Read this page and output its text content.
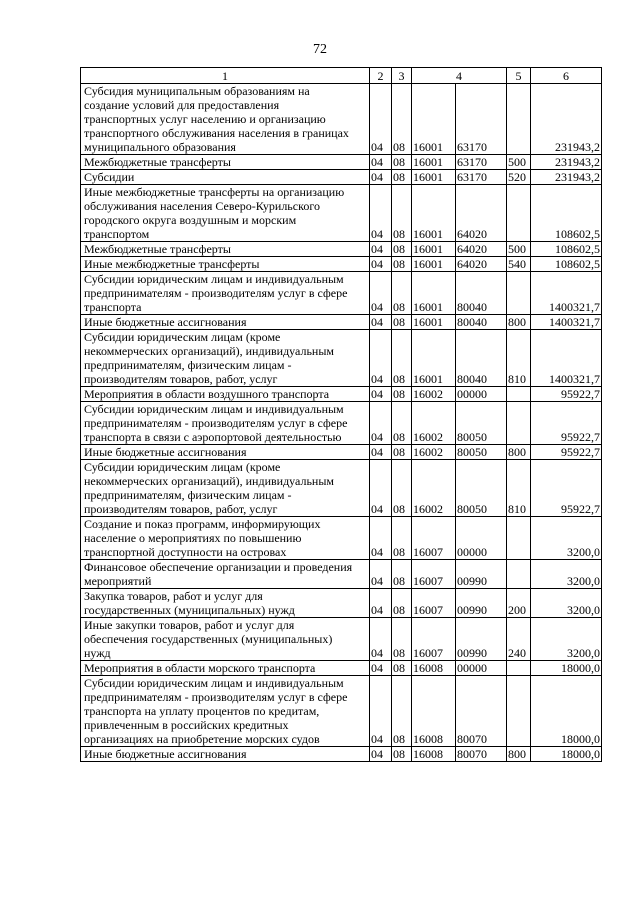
72
1	2	3	4		5	6

Субсидия муниципальным образованиям на
создание условий для предоставления
транспортных услуг населению и организацию
транспортного обслуживания населения в границах
муниципального образования	04	08	16001	63170		231943,2

Межбюджетные трансферты	04	08	16001	63170	500	231943,2

Субсидии	04	08	16001	63170	520	231943,2

Иные межбюджетные трансферты на организацию
обслуживания населения Северо-Курильского
городского округа воздушным и морским
транспортом	04	08	16001	64020		108602,5

Межбюджетные трансферты	04	08	16001	64020	500	108602,5

Иные межбюджетные трансферты	04	08	16001	64020	540	108602,5

Субсидии юридическим лицам и индивидуальным
предпринимателям - производителям услуг в сфере
транспорта	04	08	16001	80040		1400321,7

Иные бюджетные ассигнования	04	08	16001	80040	800	1400321,7

Субсидии юридическим лицам (кроме
некоммерческих организаций), индивидуальным
предпринимателям, физическим лицам -
производителям товаров, работ, услуг	04	08	16001	80040	810	1400321,7

Мероприятия в области воздушного транспорта	04	08	16002	00000		95922,7

Субсидии юридическим лицам и индивидуальным
предпринимателям - производителям услуг в сфере
транспорта в связи с аэропортовой деятельностью	04	08	16002	80050		95922,7

Иные бюджетные ассигнования	04	08	16002	80050	800	95922,7

Субсидии юридическим лицам (кроме
некоммерческих организаций), индивидуальным
предпринимателям, физическим лицам -
производителям товаров, работ, услуг	04	08	16002	80050	810	95922,7

Создание и показ программ, информирующих
население о мероприятиях по повышению
транспортной доступности на островах	04	08	16007	00000		3200,0

Финансовое обеспечение организации и проведения
мероприятий	04	08	16007	00990		3200,0

Закупка товаров, работ и услуг для
государственных (муниципальных) нужд	04	08	16007	00990	200	3200,0

Иные закупки товаров, работ и услуг для
обеспечения государственных (муниципальных)
нужд	04	08	16007	00990	240	3200,0

Мероприятия в области морского транспорта	04	08	16008	00000		18000,0

Субсидии юридическим лицам и индивидуальным
предпринимателям - производителям услуг в сфере
транспорта на уплату процентов по кредитам,
привлеченным в российских кредитных
организациях на приобретение морских судов	04	08	16008	80070		18000,0

Иные бюджетные ассигнования	04	08	16008	80070	800	18000,0
